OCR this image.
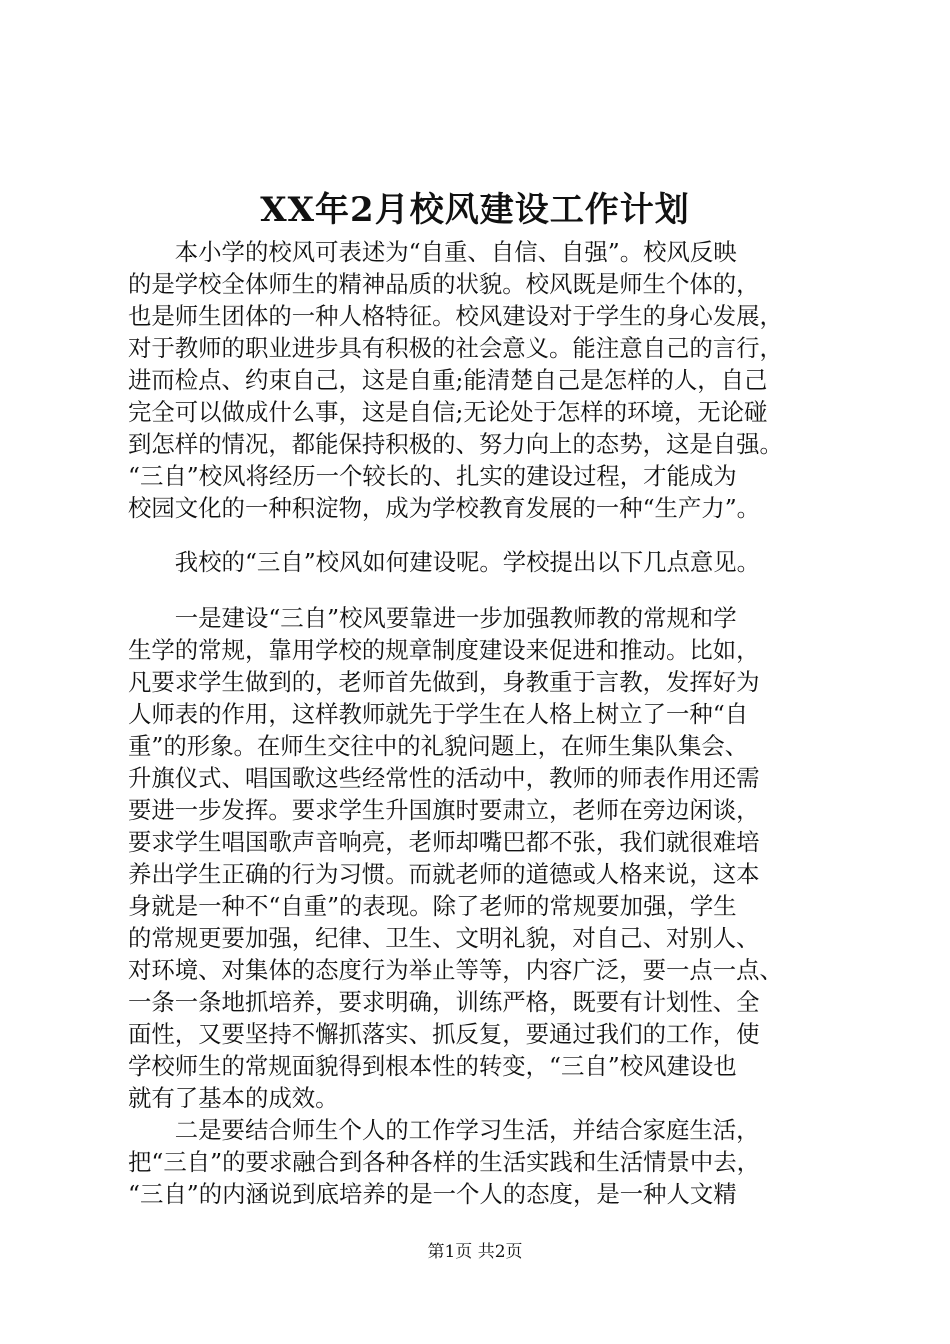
XX年2月校风建设工作计划
　　本小学的校风可表述为“自重、自信、自强”。校风反映
的是学校全体师生的精神品质的状貌。校风既是师生个体的，
也是师生团体的一种人格特征。校风建设对于学生的身心发展，
对于教师的职业进步具有积极的社会意义。能注意自己的言行，
进而检点、约束自己，这是自重;能清楚自己是怎样的人，自己
完全可以做成什么事，这是自信;无论处于怎样的环境，无论碰
到怎样的情况，都能保持积极的、努力向上的态势，这是自强。
“三自”校风将经历一个较长的、扎实的建设过程，才能成为
校园文化的一种积淀物，成为学校教育发展的一种“生产力”。
　　我校的“三自”校风如何建设呢。学校提出以下几点意见。
　　一是建设“三自”校风要靠进一步加强教师教的常规和学
生学的常规，靠用学校的规章制度建设来促进和推动。比如，
凡要求学生做到的，老师首先做到，身教重于言教，发挥好为
人师表的作用，这样教师就先于学生在人格上树立了一种“自
重”的形象。在师生交往中的礼貌问题上，在师生集队集会、
升旗仪式、唱国歌这些经常性的活动中，教师的师表作用还需
要进一步发挥。要求学生升国旗时要肃立，老师在旁边闲谈，
要求学生唱国歌声音响亮，老师却嘴巴都不张，我们就很难培
养出学生正确的行为习惯。而就老师的道德或人格来说，这本
身就是一种不“自重”的表现。除了老师的常规要加强，学生
的常规更要加强，纪律、卫生、文明礼貌，对自己、对别人、
对环境、对集体的态度行为举止等等，内容广泛，要一点一点、
一条一条地抓培养，要求明确，训练严格，既要有计划性、全
面性，又要坚持不懈抓落实、抓反复，要通过我们的工作，使
学校师生的常规面貌得到根本性的转变，“三自”校风建设也
就有了基本的成效。
　　二是要结合师生个人的工作学习生活，并结合家庭生活，
把“三自”的要求融合到各种各样的生活实践和生活情景中去，
“三自”的内涵说到底培养的是一个人的态度，是一种人文精
第1页 共2页
